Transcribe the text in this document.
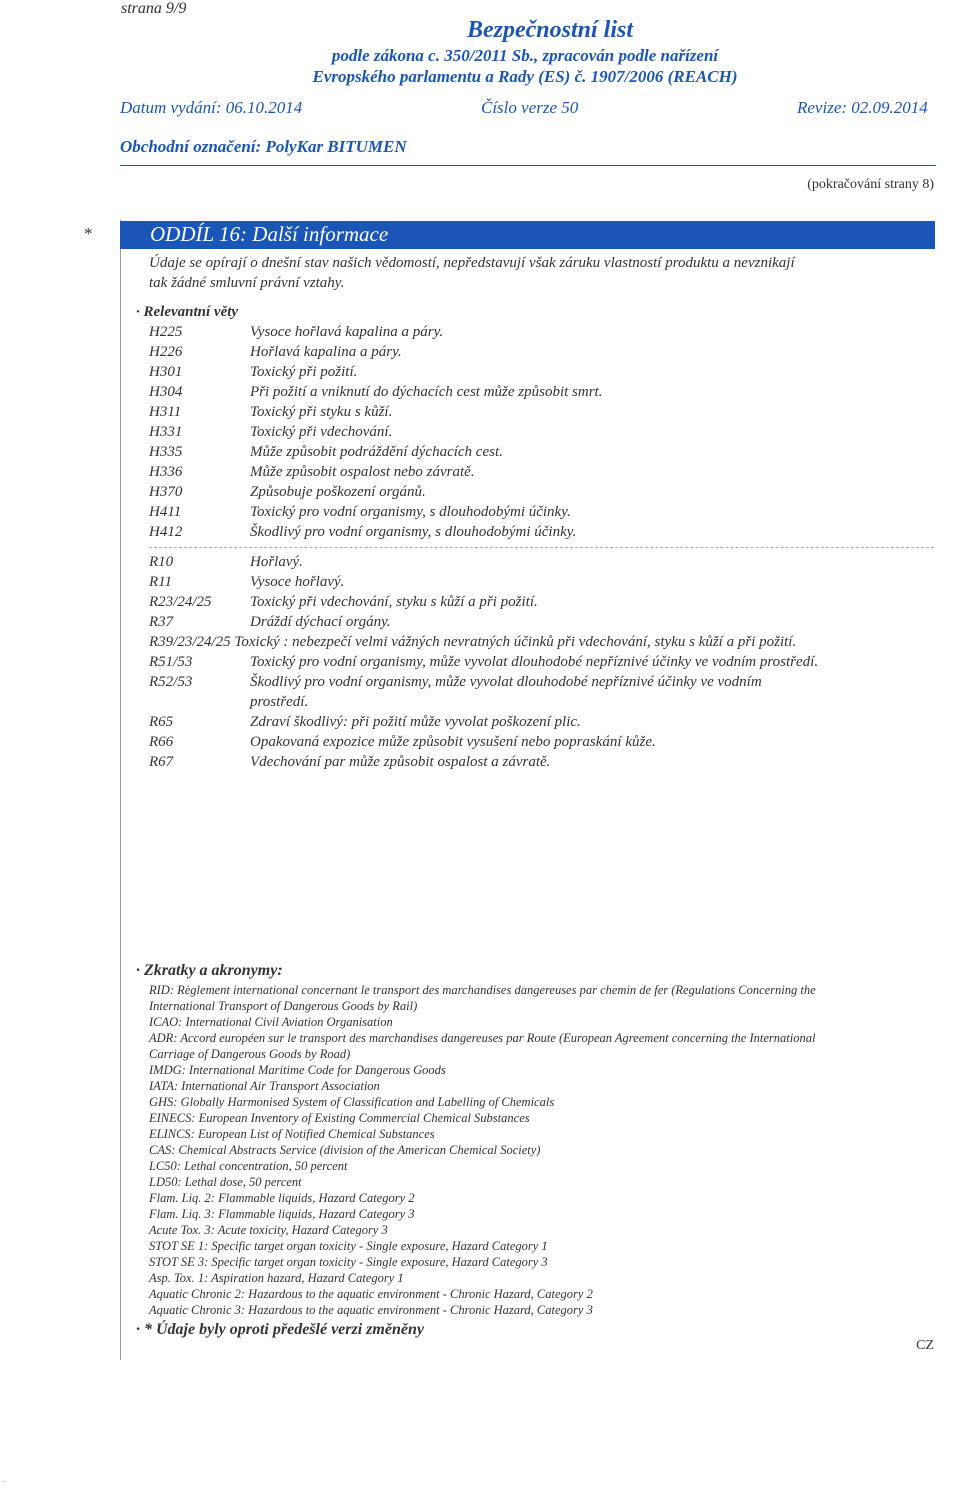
strana 9/9
Bezpečnostní list
podle zákona c. 350/2011 Sb., zpracován podle nařízení
Evropského parlamentu a Rady (ES) č. 1907/2006 (REACH)
Datum vydání: 06.10.2014	Číslo verze 50	Revize: 02.09.2014
Obchodní označení: PolyKar BITUMEN
(pokračování strany 8)
*	ODDÍL 16: Další informace
Údaje se opírají o dnešní stav našich vědomostí, nepředstavují však záruku vlastností produktu a nevznikají
tak žádné smluvní právní vztahy.
· Relevantní věty
H225	Vysoce hořlavá kapalina a páry.
H226	Hořlavá kapalina a páry.
H301	Toxický při požití.
H304	Při požití a vniknutí do dýchacích cest může způsobit smrt.
H311	Toxický při styku s kůží.
H331	Toxický při vdechování.
H335	Může způsobit podráždění dýchacích cest.
H336	Může způsobit ospalost nebo závratě.
H370	Způsobuje poškození orgánů.
H411	Toxický pro vodní organismy, s dlouhodobými účinky.
H412	Škodlivý pro vodní organismy, s dlouhodobými účinky.
R10	Hořlavý.
R11	Vysoce hořlavý.
R23/24/25	Toxický při vdechování, styku s kůží a při požití.
R37	Dráždí dýchací orgány.
R39/23/24/25 Toxický : nebezpečí velmi vážných nevratných účinků při vdechování, styku s kůží a při požití.
R51/53	Toxický pro vodní organismy, může vyvolat dlouhodobé nepříznivé účinky ve vodním prostředí.
R52/53	Škodlivý pro vodní organismy, může vyvolat dlouhodobé nepříznivé účinky ve vodním
prostředí.
R65	Zdraví škodlivý: při požití může vyvolat poškození plic.
R66	Opakovaná expozice může způsobit vysušení nebo popraskání kůže.
R67	Vdechování par může způsobit ospalost a závratě.
· Zkratky a akronymy:
RID: Règlement international concernant le transport des marchandises dangereuses par chemin de fer (Regulations Concerning the
International Transport of Dangerous Goods by Rail)
ICAO: International Civil Aviation Organisation
ADR: Accord européen sur le transport des marchandises dangereuses par Route (European Agreement concerning the International
Carriage of Dangerous Goods by Road)
IMDG: International Maritime Code for Dangerous Goods
IATA: International Air Transport Association
GHS: Globally Harmonised System of Classification and Labelling of Chemicals
EINECS: European Inventory of Existing Commercial Chemical Substances
ELINCS: European List of Notified Chemical Substances
CAS: Chemical Abstracts Service (division of the American Chemical Society)
LC50: Lethal concentration, 50 percent
LD50: Lethal dose, 50 percent
Flam. Liq. 2: Flammable liquids, Hazard Category 2
Flam. Liq. 3: Flammable liquids, Hazard Category 3
Acute Tox. 3: Acute toxicity, Hazard Category 3
STOT SE 1: Specific target organ toxicity - Single exposure, Hazard Category 1
STOT SE 3: Specific target organ toxicity - Single exposure, Hazard Category 3
Asp. Tox. 1: Aspiration hazard, Hazard Category 1
Aquatic Chronic 2: Hazardous to the aquatic environment - Chronic Hazard, Category 2
Aquatic Chronic 3: Hazardous to the aquatic environment - Chronic Hazard, Category 3
· * Údaje byly oproti předešlé verzi změněny
CZ
...
